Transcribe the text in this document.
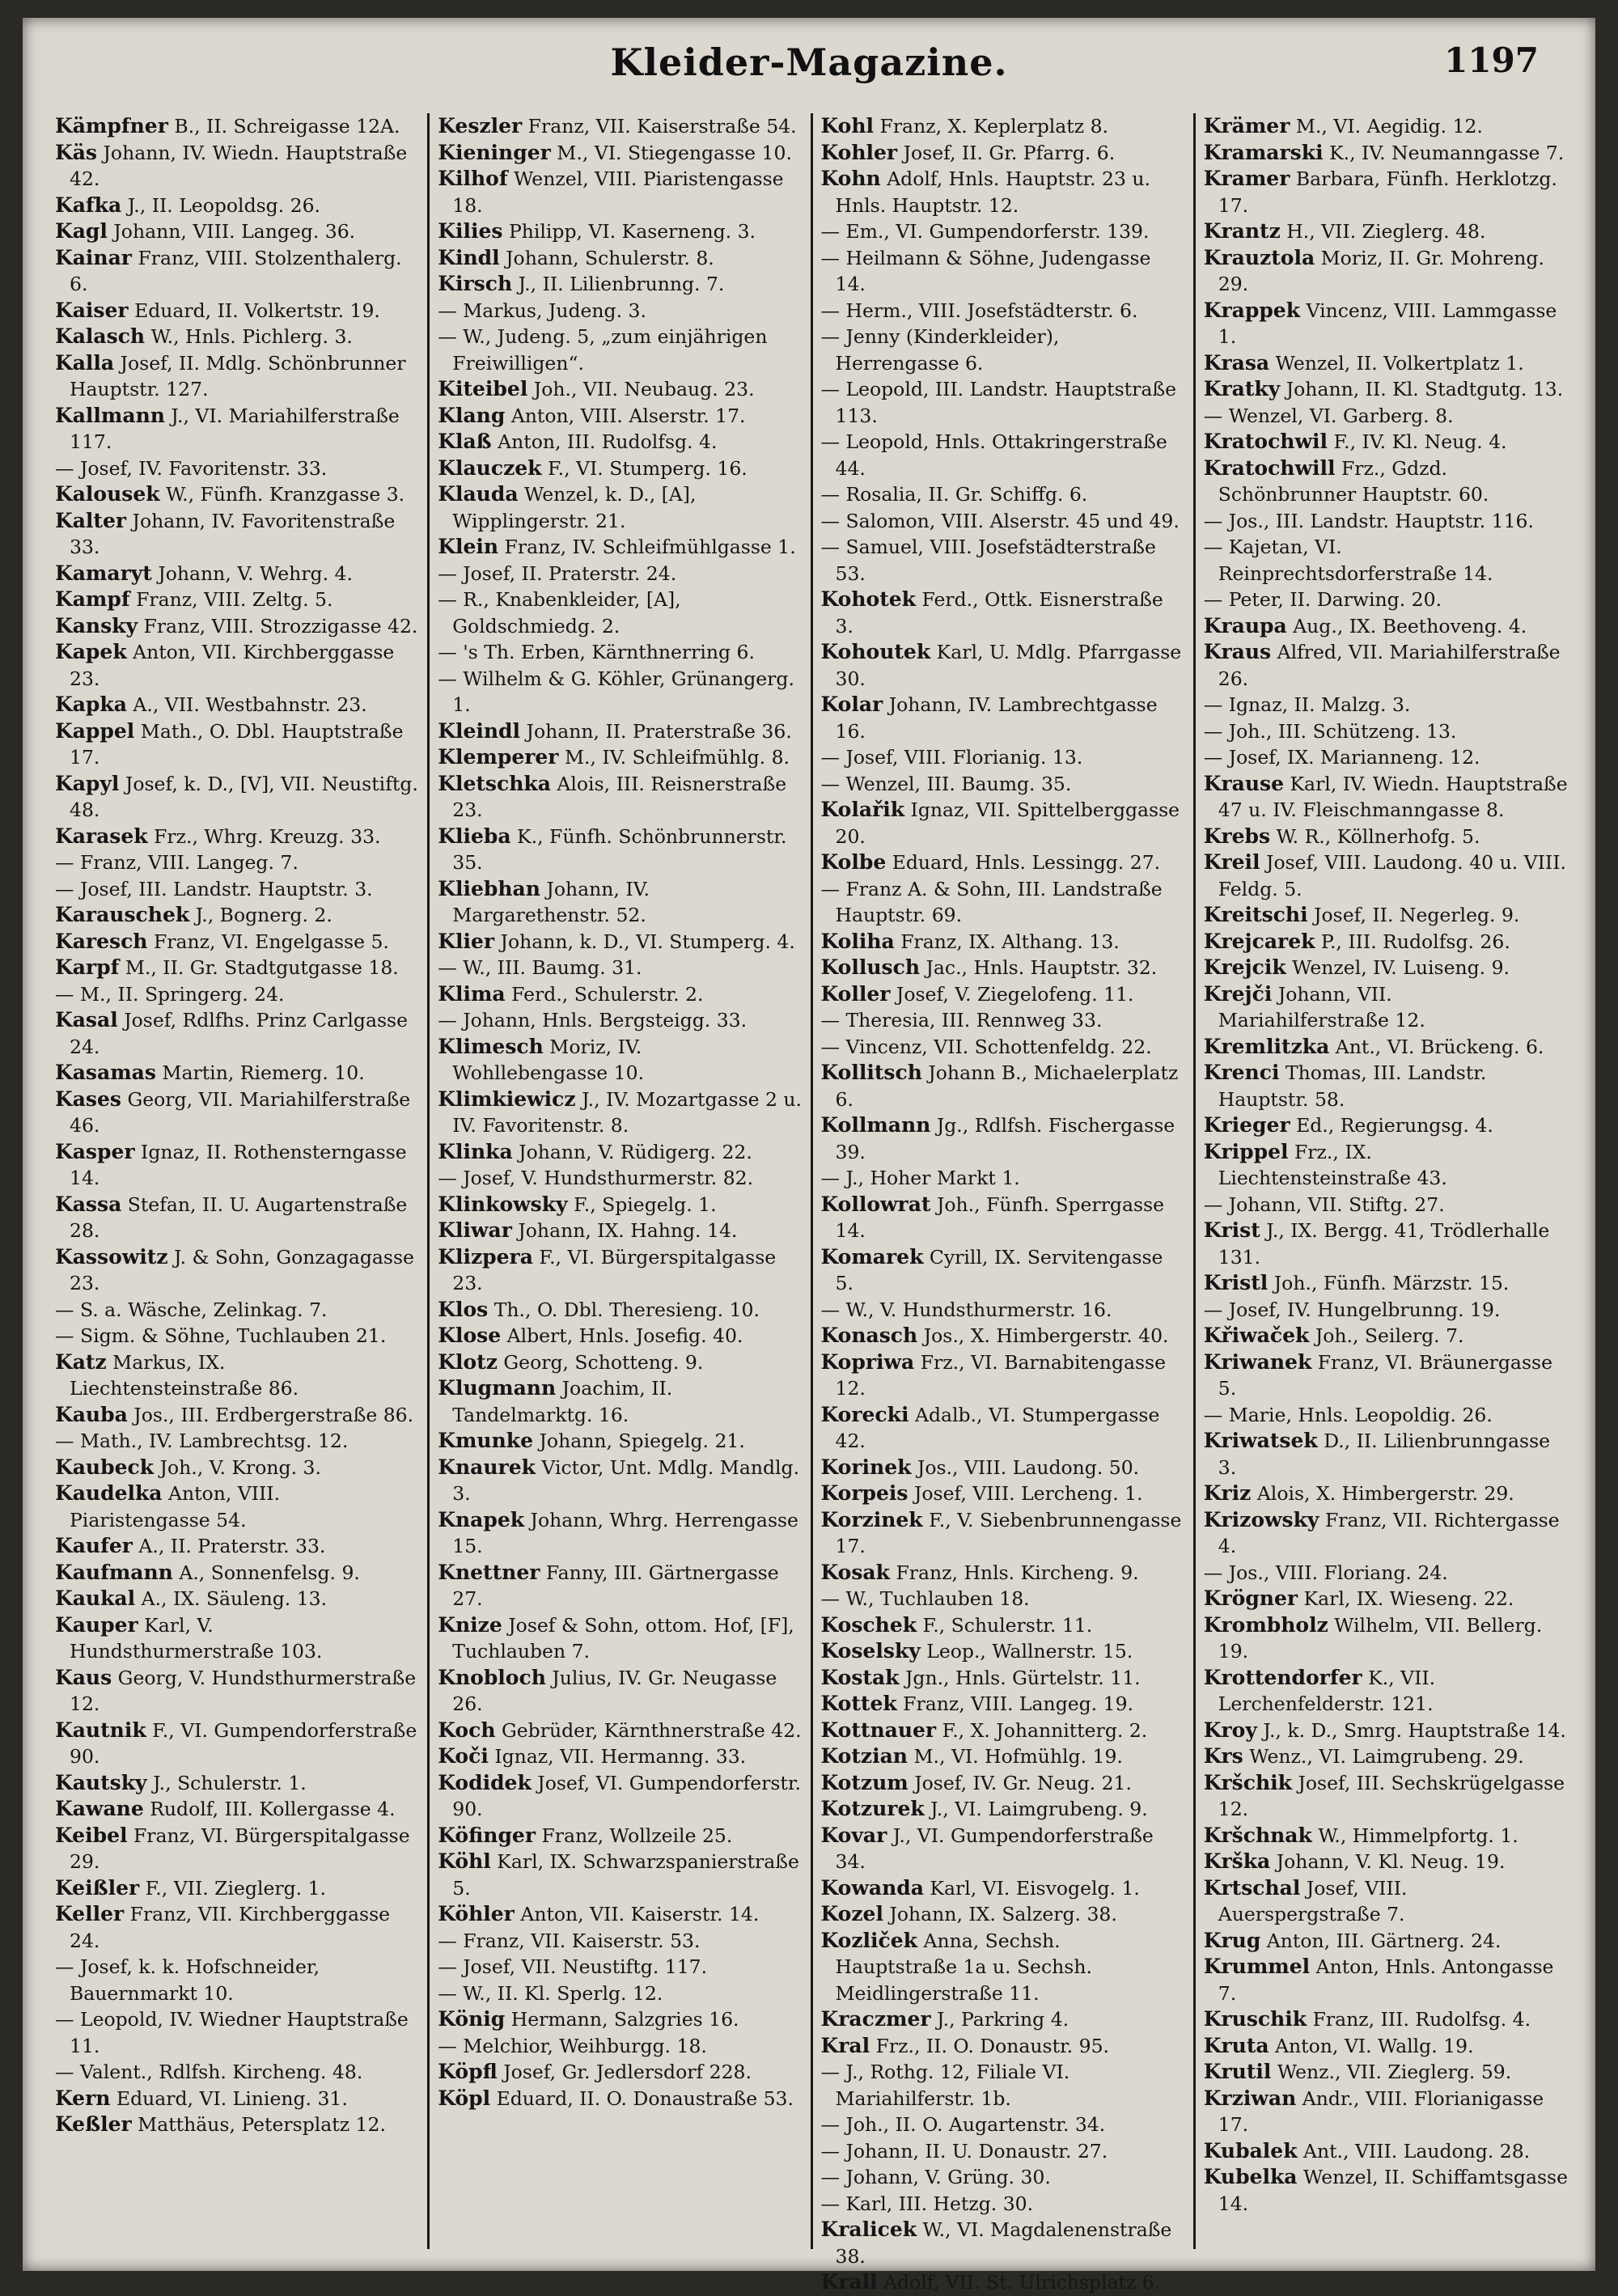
Kleider-Magazine.	1197
Kämpfner B., II. Schreigasse 12A.
Käs Johann, IV. Wiedn. Hauptstraße 42.
Kafka J., II. Leopoldsg. 26.
Kagl Johann, VIII. Langeg. 36.
Kainar Franz, VIII. Stolzenthalerg. 6.
Kaiser Eduard, II. Volkertstr. 19.
Kalasch W., Hnls. Pichlerg. 3.
Kalla Josef, II. Mdlg. Schönbrunner Hauptstr. 127.
Kallmann J., VI. Mariahilferstraße 117.
— Josef, IV. Favoritenstr. 33.
Kalousek W., Fünfh. Kranzgasse 3.
Kalter Johann, IV. Favoritenstraße 33.
Kamaryt Johann, V. Wehrg. 4.
Kampf Franz, VIII. Zeltg. 5.
Kansky Franz, VIII. Strozzigasse 42.
Kapek Anton, VII. Kirchberggasse 23.
Kapka A., VII. Westbahnstr. 23.
Kappel Math., O. Dbl. Hauptstraße 17.
Kapyl Josef, k. D., [V], VII. Neustiftg. 48.
Karasek Frz., Whrg. Kreuzg. 33.
— Franz, VIII. Langeg. 7.
— Josef, III. Landstr. Hauptstr. 3.
Karauschek J., Bognerg. 2.
Karesch Franz, VI. Engelgasse 5.
Karpf M., II. Gr. Stadtgutgasse 18.
— M., II. Springerg. 24.
Kasal Josef, Rdlfhs. Prinz Carlgasse 24.
Kasamas Martin, Riemerg. 10.
Kases Georg, VII. Mariahilferstraße 46.
Kasper Ignaz, II. Rothensterngasse 14.
Kassa Stefan, II. U. Augartenstraße 28.
Kassowitz J. & Sohn, Gonzagagasse 23.
— S. a. Wäsche, Zelinkag. 7.
— Sigm. & Söhne, Tuchlauben 21.
Katz Markus, IX. Liechtensteinstraße 86.
Kauba Jos., III. Erdbergerstraße 86.
— Math., IV. Lambrechtsg. 12.
Kaubeck Joh., V. Krong. 3.
Kaudelka Anton, VIII. Piaristengasse 54.
Kaufer A., II. Praterstr. 33.
Kaufmann A., Sonnenfelsg. 9.
Kaukal A., IX. Säuleng. 13.
Kauper Karl, V. Hundsthurmerstraße 103.
Kaus Georg, V. Hundsthurmerstraße 12.
Kautnik F., VI. Gumpendorferstraße 90.
Kautsky J., Schulerstr. 1.
Kawane Rudolf, III. Kollergasse 4.
Keibel Franz, VI. Bürgerspitalgasse 29.
Keißler F., VII. Zieglerg. 1.
Keller Franz, VII. Kirchberggasse 24.
— Josef, k. k. Hofschneider, Bauernmarkt 10.
— Leopold, IV. Wiedner Hauptstraße 11.
— Valent., Rdlfsh. Kircheng. 48.
Kern Eduard, VI. Linieng. 31.
Keßler Matthäus, Petersplatz 12.
Keszler Franz, VII. Kaiserstraße 54.
Kieninger M., VI. Stiegengasse 10.
Kilhof Wenzel, VIII. Piaristengasse 18.
Kilies Philipp, VI. Kaserneng. 3.
Kindl Johann, Schulerstr. 8.
Kirsch J., II. Lilienbrunng. 7.
— Markus, Judeng. 3.
— W., Judeng. 5, „zum einjährigen Freiwilligen“.
Kiteibel Joh., VII. Neubaug. 23.
Klang Anton, VIII. Alserstr. 17.
Klaß Anton, III. Rudolfsg. 4.
Klauczek F., VI. Stumperg. 16.
Klauda Wenzel, k. D., [A], Wipplingerstr. 21.
Klein Franz, IV. Schleifmühlgasse 1.
— Josef, II. Praterstr. 24.
— R., Knabenkleider, [A], Goldschmiedg. 2.
— 's Th. Erben, Kärnthnerring 6.
— Wilhelm & G. Köhler, Grünangerg. 1.
Kleindl Johann, II. Praterstraße 36.
Klemperer M., IV. Schleifmühlg. 8.
Kletschka Alois, III. Reisnerstraße 23.
Klieba K., Fünfh. Schönbrunnerstr. 35.
Kliebhan Johann, IV. Margarethenstr. 52.
Klier Johann, k. D., VI. Stumperg. 4.
— W., III. Baumg. 31.
Klima Ferd., Schulerstr. 2.
— Johann, Hnls. Bergsteigg. 33.
Klimesch Moriz, IV. Wohllebengasse 10.
Klimkiewicz J., IV. Mozartgasse 2 u. IV. Favoritenstr. 8.
Klinka Johann, V. Rüdigerg. 22.
— Josef, V. Hundsthurmerstr. 82.
Klinkowsky F., Spiegelg. 1.
Kliwar Johann, IX. Hahng. 14.
Klizpera F., VI. Bürgerspitalgasse 23.
Klos Th., O. Dbl. Theresieng. 10.
Klose Albert, Hnls. Josefig. 40.
Klotz Georg, Schotteng. 9.
Klugmann Joachim, II. Tandelmarktg. 16.
Kmunke Johann, Spiegelg. 21.
Knaurek Victor, Unt. Mdlg. Mandlg. 3.
Knapek Johann, Whrg. Herrengasse 15.
Knettner Fanny, III. Gärtnergasse 27.
Knize Josef & Sohn, ottom. Hof, [F], Tuchlauben 7.
Knobloch Julius, IV. Gr. Neugasse 26.
Koch Gebrüder, Kärnthnerstraße 42.
Koči Ignaz, VII. Hermanng. 33.
Kodidek Josef, VI. Gumpendorferstr. 90.
Köfinger Franz, Wollzeile 25.
Köhl Karl, IX. Schwarzspanierstraße 5.
Köhler Anton, VII. Kaiserstr. 14.
— Franz, VII. Kaiserstr. 53.
— Josef, VII. Neustiftg. 117.
— W., II. Kl. Sperlg. 12.
König Hermann, Salzgries 16.
— Melchior, Weihburgg. 18.
Köpfl Josef, Gr. Jedlersdorf 228.
Köpl Eduard, II. O. Donaustraße 53.
Kohl Franz, X. Keplerplatz 8.
Kohler Josef, II. Gr. Pfarrg. 6.
Kohn Adolf, Hnls. Hauptstr. 23 u. Hnls. Hauptstr. 12.
— Em., VI. Gumpendorferstr. 139.
— Heilmann & Söhne, Judengasse 14.
— Herm., VIII. Josefstädterstr. 6.
— Jenny (Kinderkleider), Herrengasse 6.
— Leopold, III. Landstr. Hauptstraße 113.
— Leopold, Hnls. Ottakringerstraße 44.
— Rosalia, II. Gr. Schiffg. 6.
— Salomon, VIII. Alserstr. 45 und 49.
— Samuel, VIII. Josefstädterstraße 53.
Kohotek Ferd., Ottk. Eisnerstraße 3.
Kohoutek Karl, U. Mdlg. Pfarrgasse 30.
Kolar Johann, IV. Lambrechtgasse 16.
— Josef, VIII. Florianig. 13.
— Wenzel, III. Baumg. 35.
Kolařik Ignaz, VII. Spittelberggasse 20.
Kolbe Eduard, Hnls. Lessingg. 27.
— Franz A. & Sohn, III. Landstraße Hauptstr. 69.
Koliha Franz, IX. Althang. 13.
Kollusch Jac., Hnls. Hauptstr. 32.
Koller Josef, V. Ziegelofeng. 11.
— Theresia, III. Rennweg 33.
— Vincenz, VII. Schottenfeldg. 22.
Kollitsch Johann B., Michaelerplatz 6.
Kollmann Jg., Rdlfsh. Fischergasse 39.
— J., Hoher Markt 1.
Kollowrat Joh., Fünfh. Sperrgasse 14.
Komarek Cyrill, IX. Servitengasse 5.
— W., V. Hundsthurmerstr. 16.
Konasch Jos., X. Himbergerstr. 40.
Kopriwa Frz., VI. Barnabitengasse 12.
Korecki Adalb., VI. Stumpergasse 42.
Korinek Jos., VIII. Laudong. 50.
Korpeis Josef, VIII. Lercheng. 1.
Korzinek F., V. Siebenbrunnengasse 17.
Kosak Franz, Hnls. Kircheng. 9.
— W., Tuchlauben 18.
Koschek F., Schulerstr. 11.
Koselsky Leop., Wallnerstr. 15.
Kostak Jgn., Hnls. Gürtelstr. 11.
Kottek Franz, VIII. Langeg. 19.
Kottnauer F., X. Johannitterg. 2.
Kotzian M., VI. Hofmühlg. 19.
Kotzum Josef, IV. Gr. Neug. 21.
Kotzurek J., VI. Laimgrubeng. 9.
Kovar J., VI. Gumpendorferstraße 34.
Kowanda Karl, VI. Eisvogelg. 1.
Kozel Johann, IX. Salzerg. 38.
Kozliček Anna, Sechsh. Hauptstraße 1a u. Sechsh. Meidlingerstraße 11.
Kraczmer J., Parkring 4.
Kral Frz., II. O. Donaustr. 95.
— J., Rothg. 12, Filiale VI. Mariahilferstr. 1b.
— Joh., II. O. Augartenstr. 34.
— Johann, II. U. Donaustr. 27.
— Johann, V. Grüng. 30.
— Karl, III. Hetzg. 30.
Kralicek W., VI. Magdalenenstraße 38.
Krall Adolf, VII. St. Ulrichsplatz 6.
Krämer M., VI. Aegidig. 12.
Kramarski K., IV. Neumanngasse 7.
Kramer Barbara, Fünfh. Herklotzg. 17.
Krantz H., VII. Zieglerg. 48.
Krauztola Moriz, II. Gr. Mohreng. 29.
Krappek Vincenz, VIII. Lammgasse 1.
Krasa Wenzel, II. Volkertplatz 1.
Kratky Johann, II. Kl. Stadtgutg. 13.
— Wenzel, VI. Garberg. 8.
Kratochwil F., IV. Kl. Neug. 4.
Kratochwill Frz., Gdzd. Schönbrunner Hauptstr. 60.
— Jos., III. Landstr. Hauptstr. 116.
— Kajetan, VI. Reinprechtsdorferstraße 14.
— Peter, II. Darwing. 20.
Kraupa Aug., IX. Beethoveng. 4.
Kraus Alfred, VII. Mariahilferstraße 26.
— Ignaz, II. Malzg. 3.
— Joh., III. Schützeng. 13.
— Josef, IX. Marianneng. 12.
Krause Karl, IV. Wiedn. Hauptstraße 47 u. IV. Fleischmanngasse 8.
Krebs W. R., Köllnerhofg. 5.
Kreil Josef, VIII. Laudong. 40 u. VIII. Feldg. 5.
Kreitschi Josef, II. Negerleg. 9.
Krejcarek P., III. Rudolfsg. 26.
Krejcik Wenzel, IV. Luiseng. 9.
Krejči Johann, VII. Mariahilferstraße 12.
Kremlitzka Ant., VI. Brückeng. 6.
Krenci Thomas, III. Landstr. Hauptstr. 58.
Krieger Ed., Regierungsg. 4.
Krippel Frz., IX. Liechtensteinstraße 43.
— Johann, VII. Stiftg. 27.
Krist J., IX. Bergg. 41, Trödlerhalle 131.
Kristl Joh., Fünfh. Märzstr. 15.
— Josef, IV. Hungelbrunng. 19.
Křiwaček Joh., Seilerg. 7.
Kriwanek Franz, VI. Bräunergasse 5.
— Marie, Hnls. Leopoldig. 26.
Kriwatsek D., II. Lilienbrunngasse 3.
Kriz Alois, X. Himbergerstr. 29.
Krizowsky Franz, VII. Richtergasse 4.
— Jos., VIII. Floriang. 24.
Krögner Karl, IX. Wieseng. 22.
Krombholz Wilhelm, VII. Bellerg. 19.
Krottendorfer K., VII. Lerchenfelderstr. 121.
Kroy J., k. D., Smrg. Hauptstraße 14.
Krs Wenz., VI. Laimgrubeng. 29.
Kršchik Josef, III. Sechskrügelgasse 12.
Kršchnak W., Himmelpfortg. 1.
Krška Johann, V. Kl. Neug. 19.
Krtschal Josef, VIII. Auerspergstraße 7.
Krug Anton, III. Gärtnerg. 24.
Krummel Anton, Hnls. Antongasse 7.
Kruschik Franz, III. Rudolfsg. 4.
Kruta Anton, VI. Wallg. 19.
Krutil Wenz., VII. Zieglerg. 59.
Krziwan Andr., VIII. Florianigasse 17.
Kubalek Ant., VIII. Laudong. 28.
Kubelka Wenzel, II. Schiffamtsgasse 14.
